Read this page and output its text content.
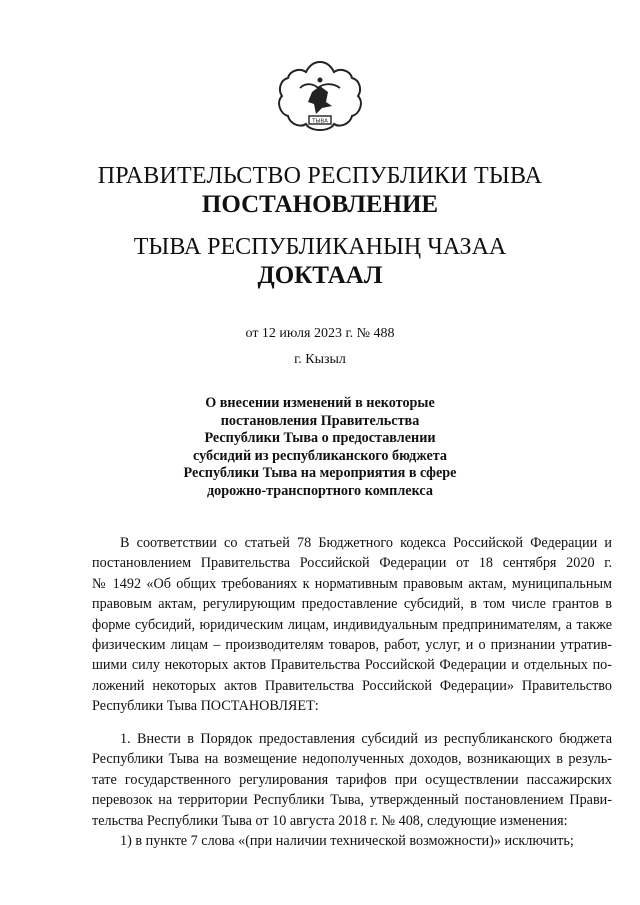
ТЫВА
ПРАВИТЕЛЬСТВО РЕСПУБЛИКИ ТЫВА
ПОСТАНОВЛЕНИЕ
ТЫВА РЕСПУБЛИКАНЫҢ ЧАЗАА
ДОКТААЛ
от 12 июля 2023 г. № 488
г. Кызыл
О внесении изменений в некоторые
постановления Правительства
Республики Тыва о предоставлении
субсидий из республиканского бюджета
Республики Тыва на мероприятия в сфере
дорожно-транспортного комплекса
В соответствии со статьей 78 Бюджетного кодекса Российской Федерации и
постановлением Правительства Российской Федерации от 18 сентября 2020 г.
№ 1492 «Об общих требованиях к нормативным правовым актам, муниципальным
правовым актам, регулирующим предоставление субсидий, в том числе грантов в
форме субсидий, юридическим лицам, индивидуальным предпринимателям, а также
физическим лицам – производителям товаров, работ, услуг, и о признании утратив-
шими силу некоторых актов Правительства Российской Федерации и отдельных по-
ложений некоторых актов Правительства Российской Федерации» Правительство
Республики Тыва ПОСТАНОВЛЯЕТ:
1. Внести в Порядок предоставления субсидий из республиканского бюджета
Республики Тыва на возмещение недополученных доходов, возникающих в резуль-
тате государственного регулирования тарифов при осуществлении пассажирских
перевозок на территории Республики Тыва, утвержденный постановлением Прави-
тельства Республики Тыва от 10 августа 2018 г. № 408, следующие изменения:
1) в пункте 7 слова «(при наличии технической возможности)» исключить;
